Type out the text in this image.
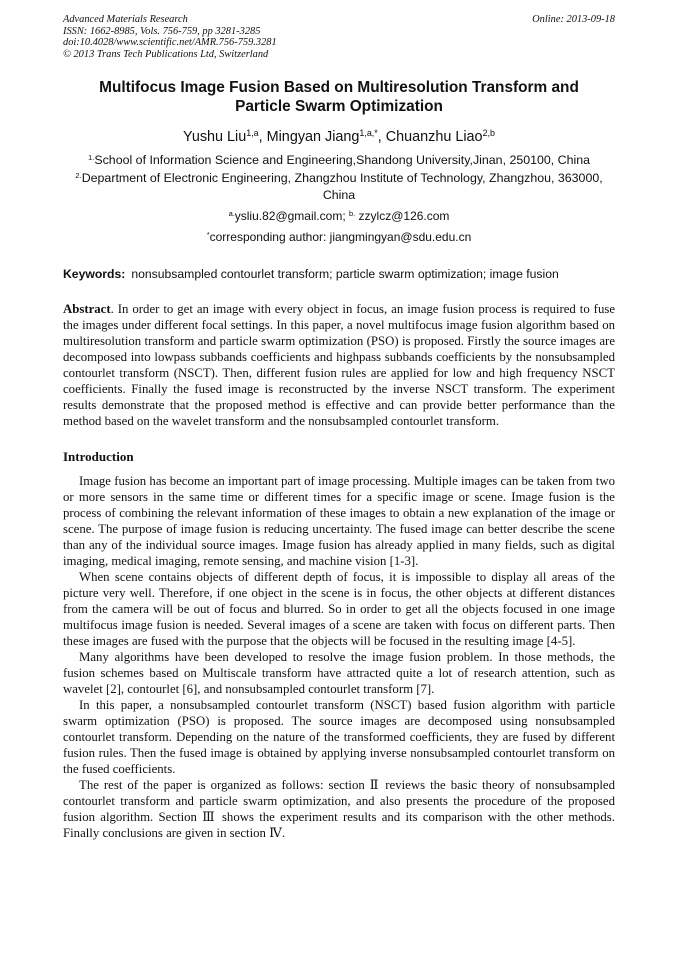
Advanced Materials Research
ISSN: 1662-8985, Vols. 756-759, pp 3281-3285
doi:10.4028/www.scientific.net/AMR.756-759.3281
© 2013 Trans Tech Publications Ltd, Switzerland
Online: 2013-09-18
Multifocus Image Fusion Based on Multiresolution Transform and
Particle Swarm Optimization
Yushu Liu$^{1,a}$, Mingyan Jiang$^{1,a,*}$, Chuanzhu Liao$^{2,b}$
$^{1.}$School of Information Science and Engineering,Shandong University,Jinan, 250100, China
$^{2.}$Department of Electronic Engineering, Zhangzhou Institute of Technology, Zhangzhou, 363000, China
$^{a.}$ysliu.82@gmail.com; $^{b.}$ zzylcz@126.com
*corresponding author: jiangmingyan@sdu.edu.cn
Keywords: nonsubsampled contourlet transform; particle swarm optimization; image fusion
Abstract. In order to get an image with every object in focus, an image fusion process is required to fuse the images under different focal settings. In this paper, a novel multifocus image fusion algorithm based on multiresolution transform and particle swarm optimization (PSO) is proposed. Firstly the source images are decomposed into lowpass subbands coefficients and highpass subbands coefficients by the nonsubsampled contourlet transform (NSCT). Then, different fusion rules are applied for low and high frequency NSCT coefficients. Finally the fused image is reconstructed by the inverse NSCT transform. The experiment results demonstrate that the proposed method is effective and can provide better performance than the method based on the wavelet transform and the nonsubsampled contourlet transform.
Introduction
Image fusion has become an important part of image processing. Multiple images can be taken from two or more sensors in the same time or different times for a specific image or scene. Image fusion is the process of combining the relevant information of these images to obtain a new explanation of the image or scene. The purpose of image fusion is reducing uncertainty. The fused image can better describe the scene than any of the individual source images. Image fusion has already applied in many fields, such as digital imaging, medical imaging, remote sensing, and machine vision [1-3].
When scene contains objects of different depth of focus, it is impossible to display all areas of the picture very well. Therefore, if one object in the scene is in focus, the other objects at different distances from the camera will be out of focus and blurred. So in order to get all the objects focused in one image multifocus image fusion is needed. Several images of a scene are taken with focus on different parts. Then these images are fused with the purpose that the objects will be focused in the resulting image [4-5].
Many algorithms have been developed to resolve the image fusion problem. In those methods, the fusion schemes based on Multiscale transform have attracted quite a lot of research attention, such as wavelet [2], contourlet [6], and nonsubsampled contourlet transform [7].
In this paper, a nonsubsampled contourlet transform (NSCT) based fusion algorithm with particle swarm optimization (PSO) is proposed. The source images are decomposed using nonsubsampled contourlet transform. Depending on the nature of the transformed coefficients, they are fused by different fusion rules. Then the fused image is obtained by applying inverse nonsubsampled contourlet transform on the fused coefficients.
The rest of the paper is organized as follows: section Ⅱ reviews the basic theory of nonsubsampled contourlet transform and particle swarm optimization, and also presents the procedure of the proposed fusion algorithm. Section Ⅲ shows the experiment results and its comparison with the other methods. Finally conclusions are given in section Ⅳ.
